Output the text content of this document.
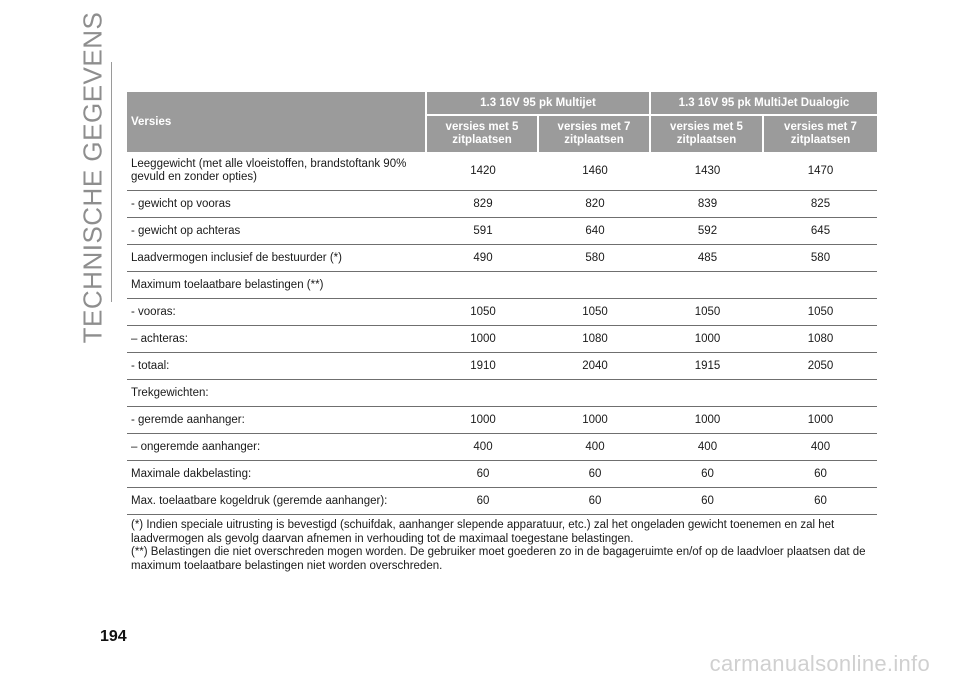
TECHNISCHE GEGEVENS Versies	1.3 16V 95 pk Multijet		1.3 16V 95 pk MultiJet Dualogic	
	versies met 5 zitplaatsen	versies met 7 zitplaatsen	versies met 5 zitplaatsen	versies met 7 zitplaatsen
Leeggewicht (met alle vloeistoffen, brandstoftank 90% gevuld en zonder opties)	1420	1460	1430	1470
- gewicht op vooras	829	820	839	825
- gewicht op achteras	591	640	592	645
Laadvermogen inclusief de bestuurder (*)	490	580	485	580
Maximum toelaatbare belastingen (**)				
- vooras:	1050	1050	1050	1050
– achteras:	1000	1080	1000	1080
- totaal:	1910	2040	1915	2050
Trekgewichten:				
- geremde aanhanger:	1000	1000	1000	1000
– ongeremde aanhanger:	400	400	400	400
Maximale dakbelasting:	60	60	60	60
Max. toelaatbare kogeldruk (geremde aanhanger):	60	60	60	60

(*) Indien speciale uitrusting is bevestigd (schuifdak, aanhanger slepende apparatuur, etc.) zal het ongeladen gewicht toenemen en zal het laadvermogen als gevolg daarvan afnemen in verhouding tot de maximaal toegestane belastingen.

(**) Belastingen die niet overschreden mogen worden. De gebruiker moet goederen zo in de bagageruimte en/of op de laadvloer plaatsen dat de maximum toelaatbare belastingen niet worden overschreden.

194
carmanualsonline.info
